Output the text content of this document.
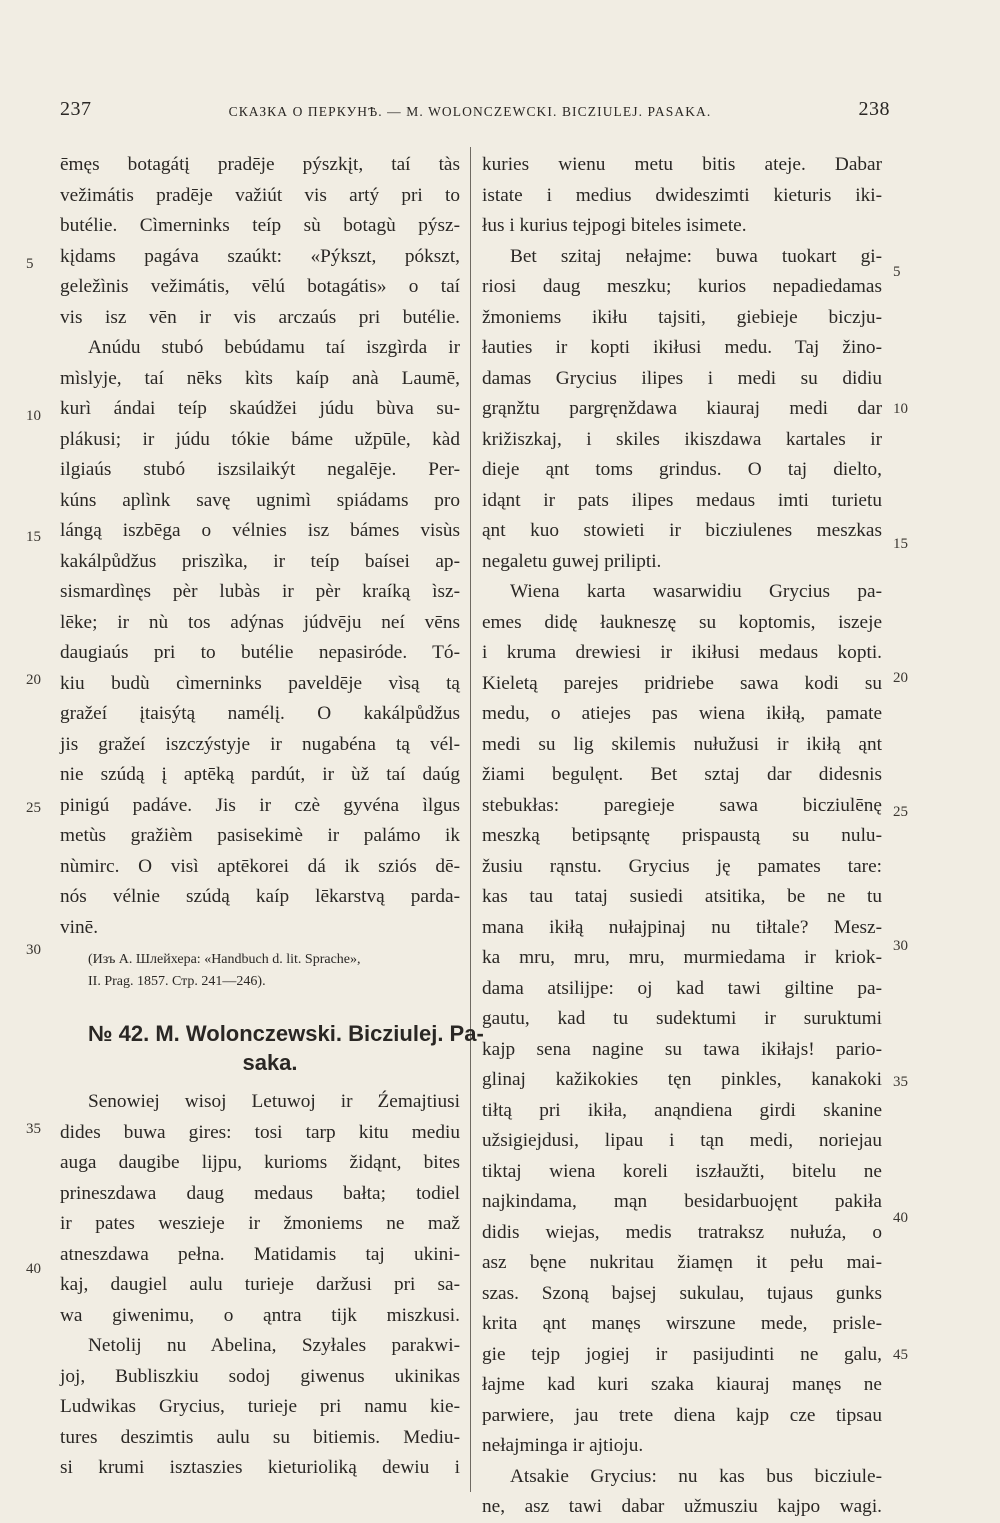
237	СКАЗКА О ПЕРКУНѢ. — M. WOLONCZEWCKI. BICZIULEJ. PASAKA.	238
ēmęs botagátį pradēje pýszkįt, taí tàs
vežimátis pradēje važiút vis artý pri to
butélie. Cìmerninks teíp sù botagù pýsz-
kįdams pagáva szaúkt: «Pýkszt, pókszt,
geležìnis vežimátis, vēlú botagátis» o taí
vis isz vēn ir vis arczaús pri butélie.
Anúdu stubó bebúdamu taí iszgìrda ir
mìslyje, taí nēks kìts kaíp anà Laumē,
kurì ándai teíp skaúdžei júdu bùva su-
plákusi; ir júdu tókie báme užpūle, kàd
ilgiaús stubó iszsilaikýt negalēje. Per-
kúns aplìnk savę ugnimì spiádams pro
lángą iszbēga o vélnies isz bámes visùs
kakálpůdžus priszìka, ir teíp baísei ap-
sismardìnęs pèr lubàs ir pèr kraíką ìsz-
lēke; ir nù tos adýnas júdvēju neí vēns
daugiaús pri to butélie nepasiróde. Tó-
kiu budù cìmerninks paveldēje vìsą tą
gražeí įtaisýtą namélį. O kakálpůdžus
jis gražeí iszczýstyje ir nugabéna tą vél-
nie szúdą į aptēką pardút, ir ùž taí daúg
pinigú padáve. Jis ir czè gyvéna ìlgus
metùs gražièm pasisekimè ir palámo ik
nùmirc. O visì aptēkorei dá ik sziós dē-
nós vélnie szúdą kaíp lēkarstvą parda-
vinē.
(Изъ А. Шлейхера: «Handbuch d. lit. Sprache»,
II. Prag. 1857. Стр. 241—246).
№ 42. M. Wolonczewski. Bicziulej. Pa-
saka.
Senowiej wisoj Letuwoj ir Źemajtiusi
dides buwa gires: tosi tarp kitu mediu
auga daugibe lijpu, kurioms židąnt, bites
prineszdawa daug medaus bałta; todiel
ir pates weszieje ir žmoniems ne maž
atneszdawa pełna. Matidamis taj ukini-
kaj, daugiel aulu turieje daržusi pri sa-
wa giwenimu, o ąntra tijk miszkusi.
Netolij nu Abelina, Szyłales parakwi-
joj, Bubliszkiu sodoj giwenus ukinikas
Ludwikas Grycius, turieje pri namu kie-
tures deszimtis aulu su bitiemis. Mediu-
si krumi isztaszies kieturioliką dewiu i
kuries wienu metu bitis ateje. Dabar
istate i medius dwideszimti kieturis iki-
łus i kurius tejpogi biteles isimete.
Bet szitaj nełajme: buwa tuokart gi-
riosi daug meszku; kurios nepadiedamas
žmoniems ikiłu tajsiti, giebieje biczju-
łauties ir kopti ikiłusi medu. Taj žino-
damas Grycius ilipes i medi su didiu
grąnžtu pargręnždawa kiauraj medi dar
križiszkaj, i skiles ikiszdawa kartales ir
dieje ąnt toms grindus. O taj dielto,
idąnt ir pats ilipes medaus imti turietu
ąnt kuo stowieti ir bicziulenes meszkas
negaletu guwej prilipti.
Wiena karta wasarwidiu Grycius pa-
emes didę łaukneszę su koptomis, iszeje
i kruma drewiesi ir ikiłusi medaus kopti.
Kieletą parejes pridriebe sawa kodi su
medu, o atiejes pas wiena ikiłą, pamate
medi su lig skilemis nułužusi ir ikiłą ąnt
žiami begulęnt. Bet sztaj dar didesnis
stebukłas: paregieje sawa bicziulēnę
meszką betipsąntę prispaustą su nulu-
žusiu rąnstu. Grycius ję pamates tare:
kas tau tataj susiedi atsitika, be ne tu
mana ikiłą nułajpinaj nu tiłtale? Mesz-
ka mru, mru, mru, murmiedama ir kriok-
dama atsilijpe: oj kad tawi giltine pa-
gautu, kad tu sudektumi ir suruktumi
kajp sena nagine su tawa ikiłajs! pario-
glinaj kažikokies tęn pinkles, kanakoki
tiłtą pri ikiła, anąndiena girdi skanine
užsigiejdusi, lipau i tąn medi, noriejau
tiktaj wiena koreli iszłaužti, bitelu ne
najkindama, mąn besidarbuojęnt pakiła
didis wiejas, medis tratraksz nułuźa, o
asz bęne nukritau žiamęn it pełu mai-
szas. Szoną bajsej sukulau, tujaus gunks
krita ąnt manęs wirszune mede, prisle-
gie tejp jogiej ir pasijudinti ne galu,
łajme kad kuri szaka kiauraj manęs ne
parwiere, jau trete diena kajp cze tipsau
nełajminga ir ajtioju.
Atsakie Grycius: nu kas bus bicziule-
ne, asz tawi dabar užmusziu kajpo wagi.
5
10
15
20
25
30
35
40
5
10
15
20
25
30
35
40
45
